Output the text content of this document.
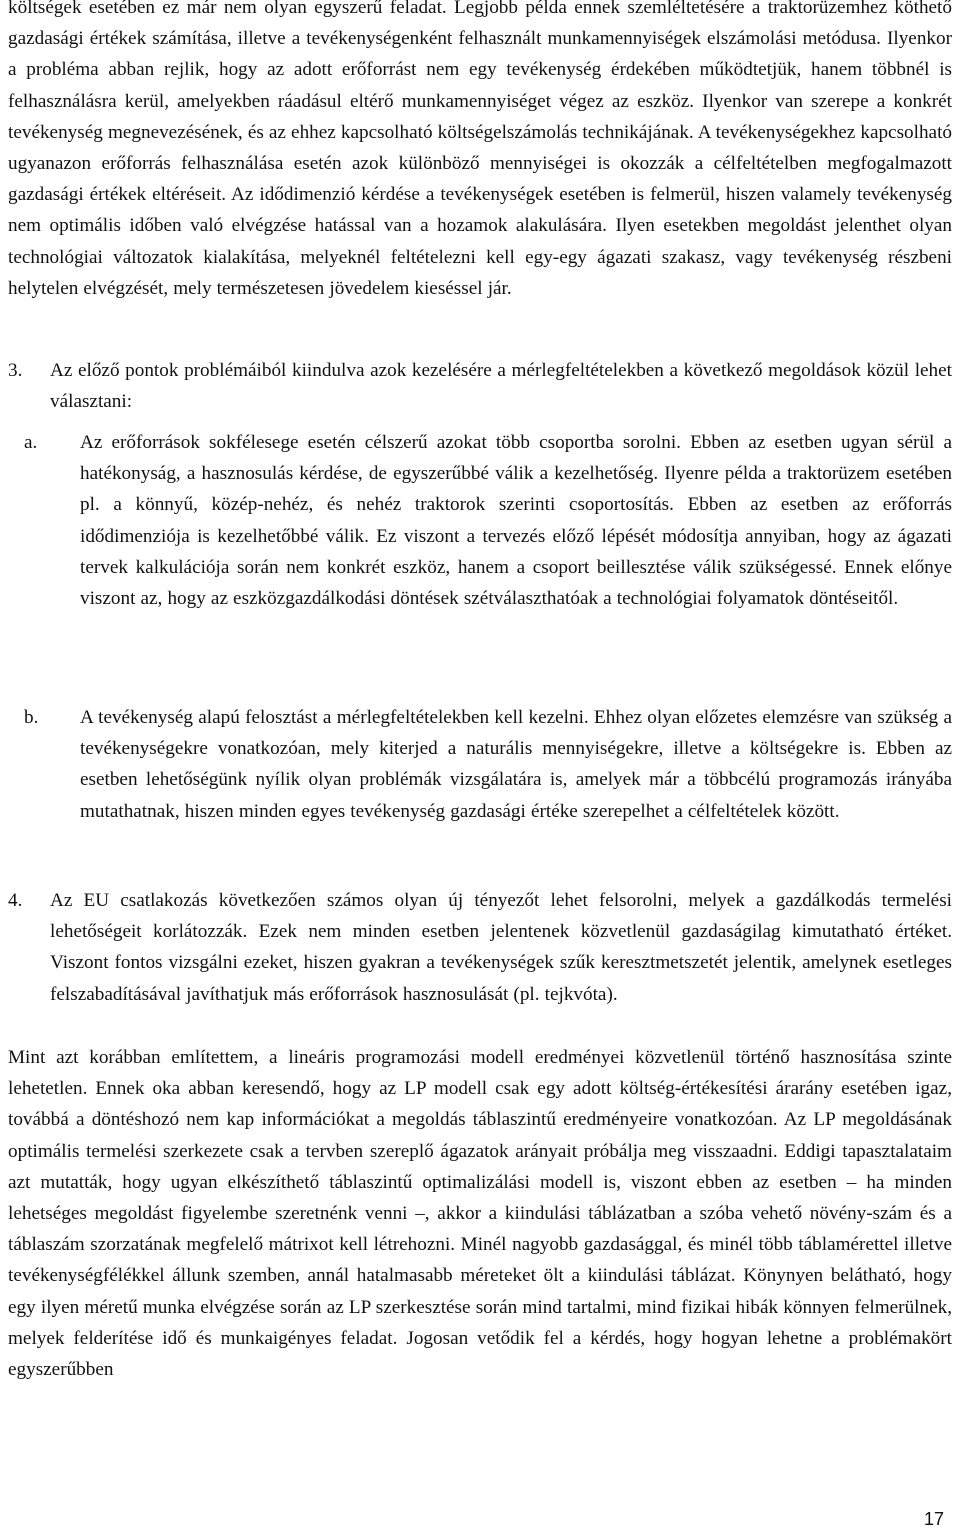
költségek esetében ez már nem olyan egyszerű feladat. Legjobb példa ennek szemléltetésére a traktorüzemhez köthető gazdasági értékek számítása, illetve a tevékenységenként felhasznált munkamennyiségek elszámolási metódusa. Ilyenkor a probléma abban rejlik, hogy az adott erőforrást nem egy tevékenység érdekében működtetjük, hanem többnél is felhasználásra kerül, amelyekben ráadásul eltérő munkamennyiséget végez az eszköz. Ilyenkor van szerepe a konkrét tevékenység megnevezésének, és az ehhez kapcsolható költségelszámolás technikájának. A tevékenységekhez kapcsolható ugyanazon erőforrás felhasználása esetén azok különböző mennyiségei is okozzák a célfeltételben megfogalmazott gazdasági értékek eltéréseit. Az idődimenzió kérdése a tevékenységek esetében is felmerül, hiszen valamely tevékenység nem optimális időben való elvégzése hatással van a hozamok alakulására. Ilyen esetekben megoldást jelenthet olyan technológiai változatok kialakítása, melyeknél feltételezni kell egy-egy ágazati szakasz, vagy tevékenység részbeni helytelen elvégzését, mely természetesen jövedelem kieséssel jár.

3. Az előző pontok problémáiból kiindulva azok kezelésére a mérlegfeltételekben a következő megoldások közül lehet választani:

a. Az erőforrások sokfélesege esetén célszerű azokat több csoportba sorolni. Ebben az esetben ugyan sérül a hatékonyság, a hasznosulás kérdése, de egyszerűbbé válik a kezelhetőség. Ilyenre példa a traktorüzem esetében pl. a könnyű, közép-nehéz, és nehéz traktorok szerinti csoportosítás. Ebben az esetben az erőforrás idődimenziója is kezelhetőbbé válik. Ez viszont a tervezés előző lépését módosítja annyiban, hogy az ágazati tervek kalkulációja során nem konkrét eszköz, hanem a csoport beillesztése válik szükségessé. Ennek előnye viszont az, hogy az eszközgazdálkodási döntések szétválaszthatóak a technológiai folyamatok döntéseitől.

b. A tevékenység alapú felosztást a mérlegfeltételekben kell kezelni. Ehhez olyan előzetes elemzésre van szükség a tevékenységekre vonatkozóan, mely kiterjed a naturális mennyiségekre, illetve a költségekre is. Ebben az esetben lehetőségünk nyílik olyan problémák vizsgálatára is, amelyek már a többcélú programozás irányába mutathatnak, hiszen minden egyes tevékenység gazdasági értéke szerepelhet a célfeltételek között.

4. Az EU csatlakozás következően számos olyan új tényezőt lehet felsorolni, melyek a gazdálkodás termelési lehetőségeit korlátozzák. Ezek nem minden esetben jelentenek közvetlenül gazdaságilag kimutatható értéket. Viszont fontos vizsgálni ezeket, hiszen gyakran a tevékenységek szűk keresztmetszetét jelentik, amelynek esetleges felszabadításával javíthatjuk más erőforrások hasznosulását (pl. tejkvóta).

Mint azt korábban említettem, a lineáris programozási modell eredményei közvetlenül történő hasznosítása szinte lehetetlen. Ennek oka abban keresendő, hogy az LP modell csak egy adott költség-értékesítési árarány esetében igaz, továbbá a döntéshozó nem kap információkat a megoldás táblaszintű eredményeire vonatkozóan. Az LP megoldásának optimális termelési szerkezete csak a tervben szereplő ágazatok arányait próbálja meg visszaadni. Eddigi tapasztalataim azt mutatták, hogy ugyan elkészíthető táblaszintű optimalizálási modell is, viszont ebben az esetben – ha minden lehetséges megoldást figyelembe szeretnénk venni –, akkor a kiindulási táblázatban a szóba vehető növény-szám és a táblaszám szorzatának megfelelő mátrixot kell létrehozni. Minél nagyobb gazdasággal, és minél több táblamérettel illetve tevékenységfélékkel állunk szemben, annál hatalmasabb méreteket ölt a kiindulási táblázat. Könynyen belátható, hogy egy ilyen méretű munka elvégzése során az LP szerkesztése során mind tartalmi, mind fizikai hibák könnyen felmerülnek, melyek felderítése idő és munkaigényes feladat. Jogosan vetődik fel a kérdés, hogy hogyan lehetne a problémakört egyszerűbben

17
